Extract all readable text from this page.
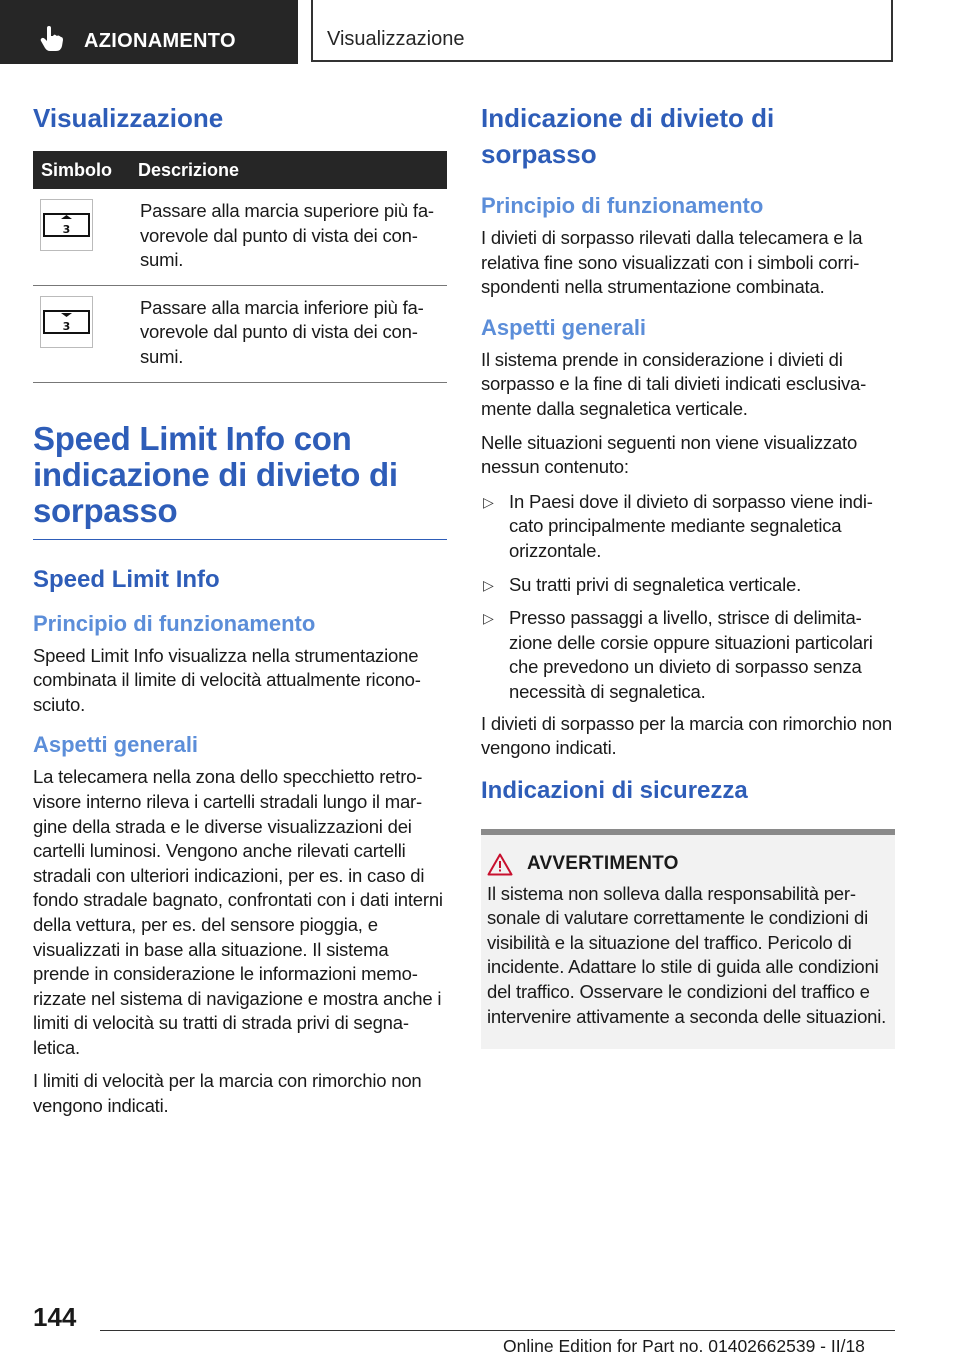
AZIONAMENTO	Visualizzazione
Visualizzazione
Simbolo	Descrizione

3	Passare alla marcia superiore più favorevole dal punto di vista dei consumi.

3	Passare alla marcia inferiore più favorevole dal punto di vista dei consumi.
Speed Limit Info con indicazione di divieto di sorpasso
Speed Limit Info
Principio di funzionamento

Speed Limit Info visualizza nella strumentazione combinata il limite di velocità attualmente riconosciuto.

Aspetti generali

La telecamera nella zona dello specchietto retrovisore interno rileva i cartelli stradali lungo il margine della strada e le diverse visualizzazioni dei cartelli luminosi. Vengono anche rilevati cartelli stradali con ulteriori indicazioni, per es. in caso di fondo stradale bagnato, confrontati con i dati interni della vettura, per es. del sensore pioggia, e visualizzati in base alla situazione. Il sistema prende in considerazione le informazioni memorizzate nel sistema di navigazione e mostra anche i limiti di velocità su tratti di strada privi di segnaletica.

I limiti di velocità per la marcia con rimorchio non vengono indicati.

Indicazione di divieto di sorpasso
Principio di funzionamento

I divieti di sorpasso rilevati dalla telecamera e la relativa fine sono visualizzati con i simboli corrispondenti nella strumentazione combinata.

Aspetti generali

Il sistema prende in considerazione i divieti di sorpasso e la fine di tali divieti indicati esclusivamente dalla segnaletica verticale.

Nelle situazioni seguenti non viene visualizzato nessun contenuto:

▷ In Paesi dove il divieto di sorpasso viene indicato principalmente mediante segnaletica orizzontale.
▷ Su tratti privi di segnaletica verticale.
▷ Presso passaggi a livello, strisce di delimitazione delle corsie oppure situazioni particolari che prevedono un divieto di sorpasso senza necessità di segnaletica.

I divieti di sorpasso per la marcia con rimorchio non vengono indicati.

Indicazioni di sicurezza
AVVERTIMENTO

Il sistema non solleva dalla responsabilità personale di valutare correttamente le condizioni di visibilità e la situazione del traffico. Pericolo di incidente. Adattare lo stile di guida alle condizioni del traffico. Osservare le condizioni del traffico e intervenire attivamente a seconda delle situazioni.

144
Online Edition for Part no. 01402662539 - II/18
